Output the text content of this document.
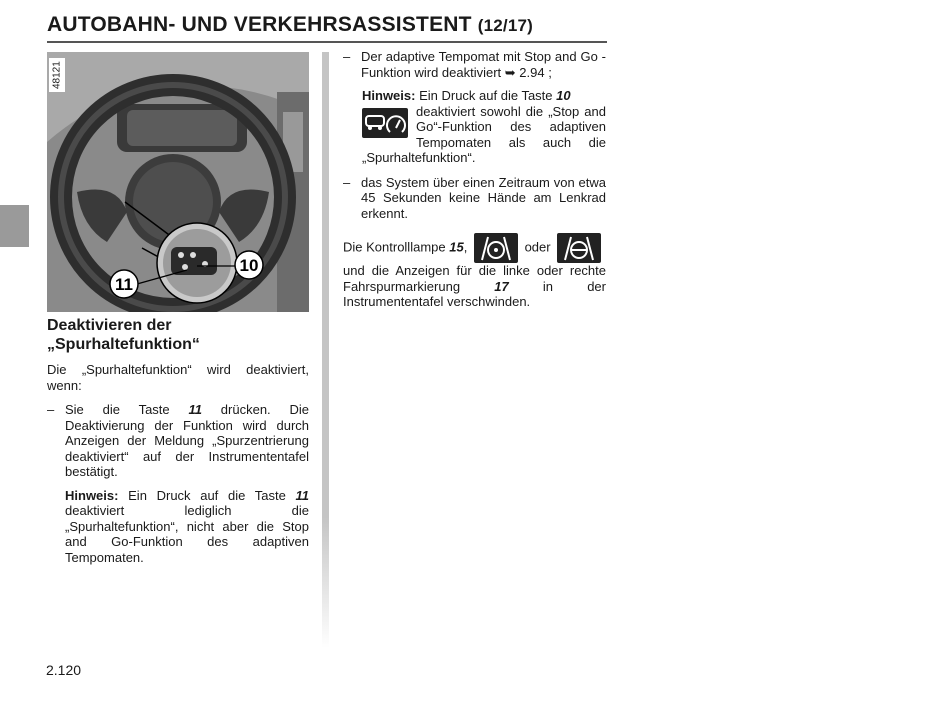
AUTOBAHN- UND VERKEHRSASSISTENT (12/17)
11
10
48121
Deaktivieren der
„Spurhaltefunktion“

Die „Spurhaltefunktion“ wird deaktiviert, wenn:

– Sie die Taste 11 drücken. Die Deaktivierung der Funktion wird durch Anzeigen der Meldung „Spurzentrierung deaktiviert“ auf der Instrumententafel bestätigt.

Hinweis: Ein Druck auf die Taste 11 deaktiviert lediglich die „Spurhaltefunktion“, nicht aber die Stop and Go-Funktion des adaptiven Tempomaten.

– Der adaptive Tempomat mit Stop and Go -Funktion wird deaktiviert ➥ 2.94 ;

Hinweis: Ein Druck auf die Taste 10

deaktiviert sowohl die „Stop and Go“-Funktion des adaptiven Tempomaten als auch die „Spurhaltefunktion“.

– das System über einen Zeitraum von etwa 45 Sekunden keine Hände am Lenkrad erkennt.

Die Kontrolllampe 15,	oder
und die Anzeigen für die linke oder rechte Fahrspurmarkierung 17 in der Instrumententafel verschwinden.

2.120
